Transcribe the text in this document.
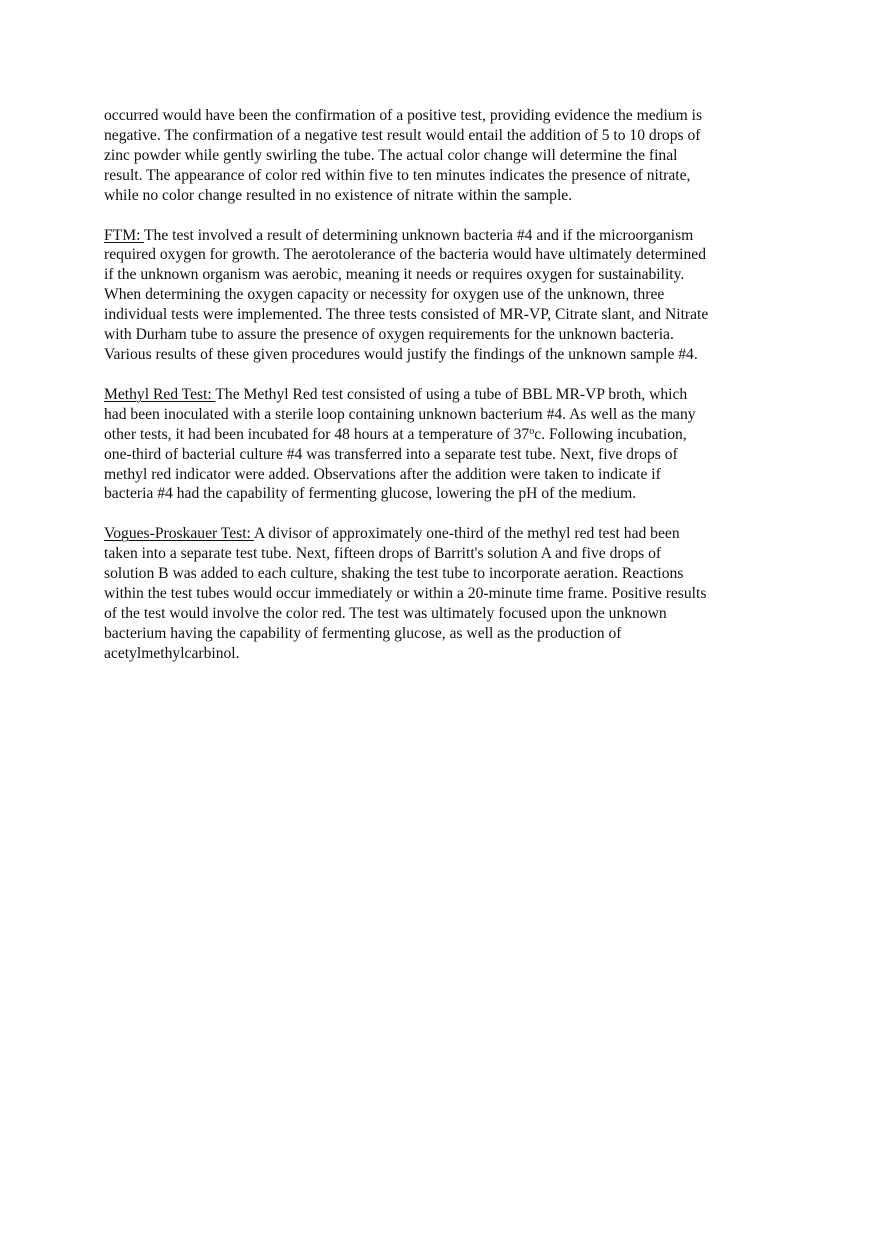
occurred would have been the confirmation of a positive test, providing evidence the medium is
negative. The confirmation of a negative test result would entail the addition of 5 to 10 drops of
zinc powder while gently swirling the tube. The actual color change will determine the final
result. The appearance of color red within five to ten minutes indicates the presence of nitrate,
while no color change resulted in no existence of nitrate within the sample.

FTM: The test involved a result of determining unknown bacteria #4 and if the microorganism
required oxygen for growth. The aerotolerance of the bacteria would have ultimately determined
if the unknown organism was aerobic, meaning it needs or requires oxygen for sustainability.
When determining the oxygen capacity or necessity for oxygen use of the unknown, three
individual tests were implemented. The three tests consisted of MR-VP, Citrate slant, and Nitrate
with Durham tube to assure the presence of oxygen requirements for the unknown bacteria.
Various results of these given procedures would justify the findings of the unknown sample #4.

Methyl Red Test: The Methyl Red test consisted of using a tube of BBL MR-VP broth, which
had been inoculated with a sterile loop containing unknown bacterium #4. As well as the many
other tests, it had been incubated for 48 hours at a temperature of 37$^o$c. Following incubation,
one-third of bacterial culture #4 was transferred into a separate test tube. Next, five drops of
methyl red indicator were added. Observations after the addition were taken to indicate if
bacteria #4 had the capability of fermenting glucose, lowering the pH of the medium.

Vogues-Proskauer Test: A divisor of approximately one-third of the methyl red test had been
taken into a separate test tube. Next, fifteen drops of Barritt's solution A and five drops of
solution B was added to each culture, shaking the test tube to incorporate aeration. Reactions
within the test tubes would occur immediately or within a 20-minute time frame. Positive results
of the test would involve the color red. The test was ultimately focused upon the unknown
bacterium having the capability of fermenting glucose, as well as the production of
acetylmethylcarbinol.
